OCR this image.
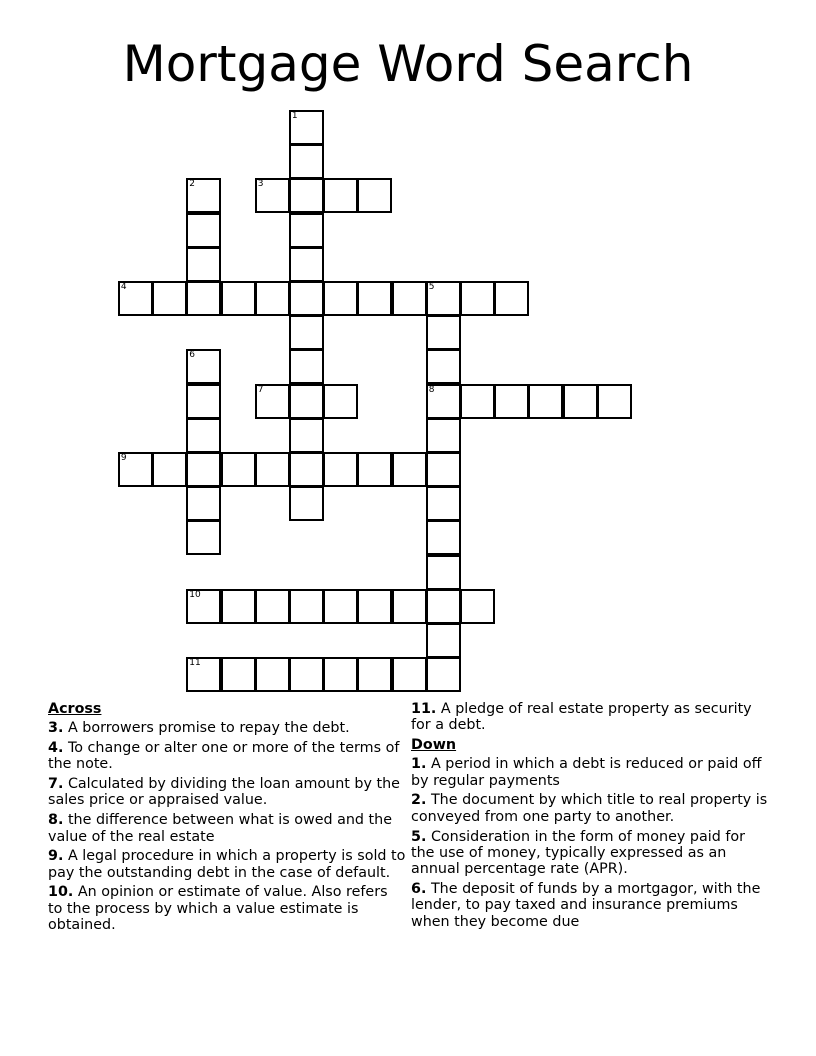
Mortgage Word Search
1
2	3
4	5
8
6
7
9
10
11
Across
3. A borrowers promise to repay the debt.
4. To change or alter one or more of the terms of the note.
7. Calculated by dividing the loan amount by the sales price or appraised value.
8. the difference between what is owed and the value of the real estate
9. A legal procedure in which a property is sold to pay the outstanding debt in the case of default.
10. An opinion or estimate of value. Also refers to the process by which a value estimate is obtained.
11. A pledge of real estate property as security for a debt.
Down
1. A period in which a debt is reduced or paid off by regular payments
2. The document by which title to real property is conveyed from one party to another.
5. Consideration in the form of money paid for the use of money, typically expressed as an annual percentage rate (APR).
6. The deposit of funds by a mortgagor, with the lender, to pay taxed and insurance premiums when they become due
